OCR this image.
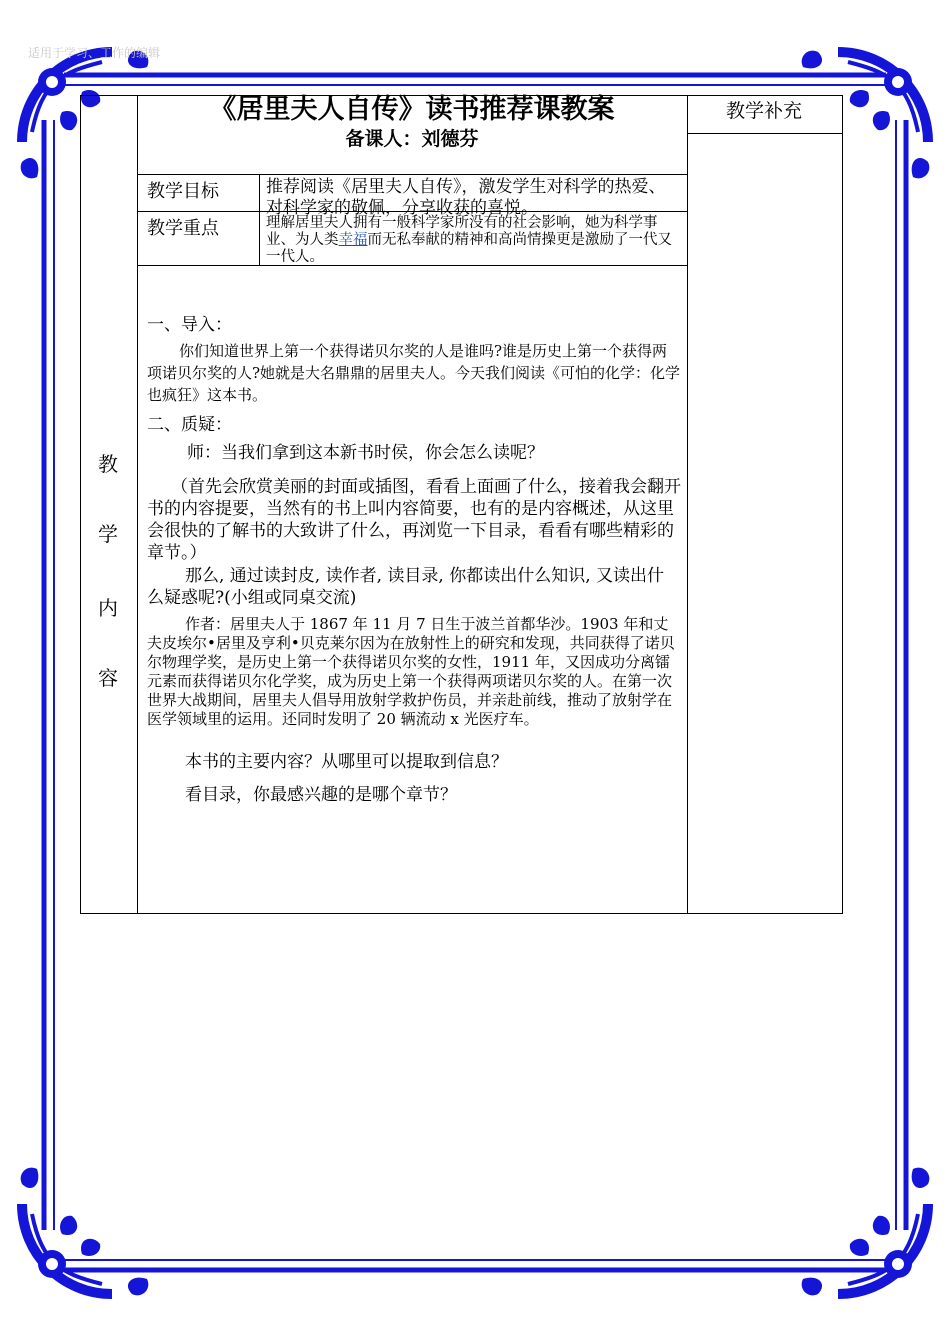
适用于学习、工作的编辑
《居里夫人自传》读书推荐课教案
备课人：刘德芬
教学补充
教学目标	推荐阅读《居里夫人自传》，激发学生对科学的热爱、对科学家的敬佩，分享收获的喜悦。
教学重点	理解居里夫人拥有一般科学家所没有的社会影响，她为科学事业、为人类幸福而无私奉献的精神和高尚情操更是激励了一代又一代人。
教
学
内
容
一、导入：
你们知道世界上第一个获得诺贝尔奖的人是谁吗?谁是历史上第一个获得两项诺贝尔奖的人?她就是大名鼎鼎的居里夫人。今天我们阅读《可怕的化学：化学也疯狂》这本书。
二、质疑：
师：当我们拿到这本新书时侯，你会怎么读呢？
（首先会欣赏美丽的封面或插图，看看上面画了什么，接着我会翻开书的内容提要，当然有的书上叫内容简要，也有的是内容概述，从这里会很快的了解书的大致讲了什么，再浏览一下目录，看看有哪些精彩的章节。）
那么, 通过读封皮, 读作者, 读目录, 你都读出什么知识, 又读出什么疑惑呢?(小组或同桌交流)
作者：居里夫人于 1867 年 11 月 7 日生于波兰首都华沙。1903 年和丈夫皮埃尔•居里及亨利•贝克莱尔因为在放射性上的研究和发现，共同获得了诺贝尔物理学奖，是历史上第一个获得诺贝尔奖的女性，1911 年，又因成功分离镭元素而获得诺贝尔化学奖，成为历史上第一个获得两项诺贝尔奖的人。在第一次世界大战期间，居里夫人倡导用放射学救护伤员，并亲赴前线，推动了放射学在医学领域里的运用。还同时发明了 20 辆流动 x 光医疗车。
本书的主要内容？从哪里可以提取到信息？
看目录，你最感兴趣的是哪个章节？
